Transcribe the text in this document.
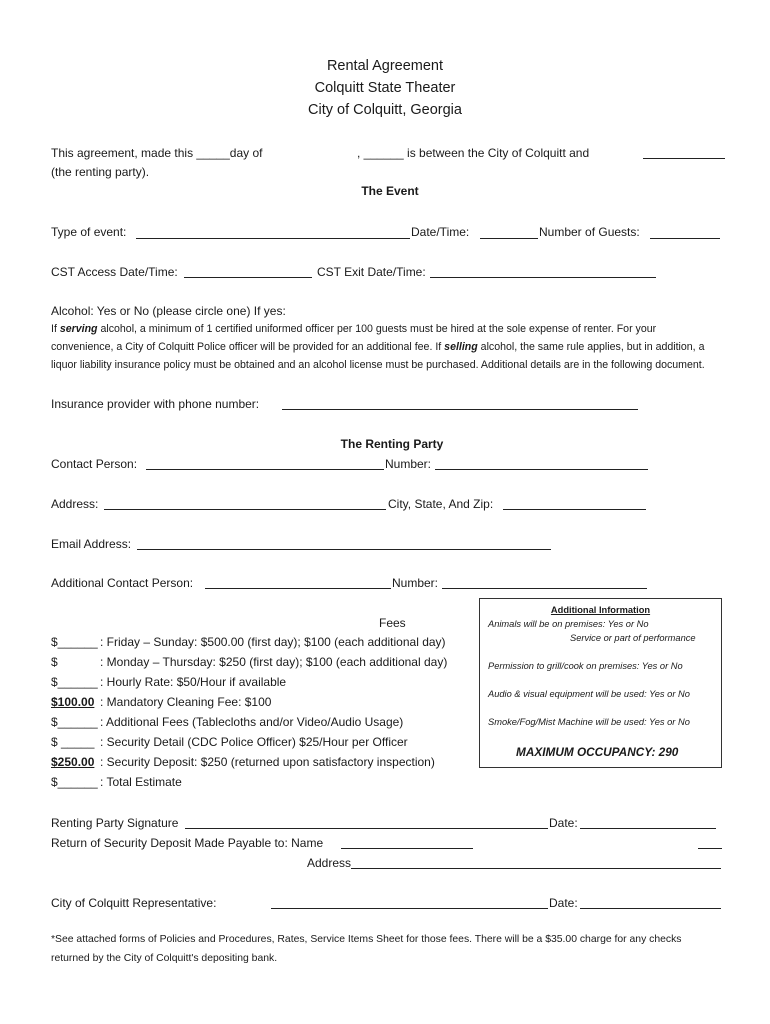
Rental Agreement
Colquitt State Theater
City of Colquitt, Georgia
This agreement, made this _____day of	, ______ is between the City of Colquitt and
(the renting party).
The Event
Type of event:	Date/Time:	Number of Guests:
CST Access Date/Time:	CST Exit Date/Time:
Alcohol: Yes or No (please circle one) If yes:
If serving alcohol, a minimum of 1 certified uniformed officer per 100 guests must be hired at the sole expense of renter. For your convenience, a City of Colquitt Police officer will be provided for an additional fee. If selling alcohol, the same rule applies, but in addition, a liquor liability insurance policy must be obtained and an alcohol license must be purchased. Additional details are in the following document.
Insurance provider with phone number:
The Renting Party
Contact Person:	Number:
Address:	City, State, And Zip:
Email Address:
Additional Contact Person:	Number:
Fees
$______ : Friday – Sunday: $500.00 (first day); $100 (each additional day)
$	: Monday – Thursday: $250 (first day); $100 (each additional day)
$______ : Hourly Rate: $50/Hour if available
$100.00 : Mandatory Cleaning Fee: $100
$______ : Additional Fees (Tablecloths and/or Video/Audio Usage)
$ _____ : Security Detail (CDC Police Officer) $25/Hour per Officer
$250.00 : Security Deposit: $250 (returned upon satisfactory inspection)
$______ : Total Estimate
Additional Information
Animals will be on premises: Yes or No
Service or part of performance
Permission to grill/cook on premises: Yes or No
Audio & visual equipment will be used: Yes or No
Smoke/Fog/Mist Machine will be used: Yes or No
MAXIMUM OCCUPANCY: 290
Renting Party Signature	Date:
Return of Security Deposit Made Payable to: Name
Address
City of Colquitt Representative:	Date:
*See attached forms of Policies and Procedures, Rates, Service Items Sheet for those fees. There will be a $35.00 charge for any checks returned by the City of Colquitt's depositing bank.
